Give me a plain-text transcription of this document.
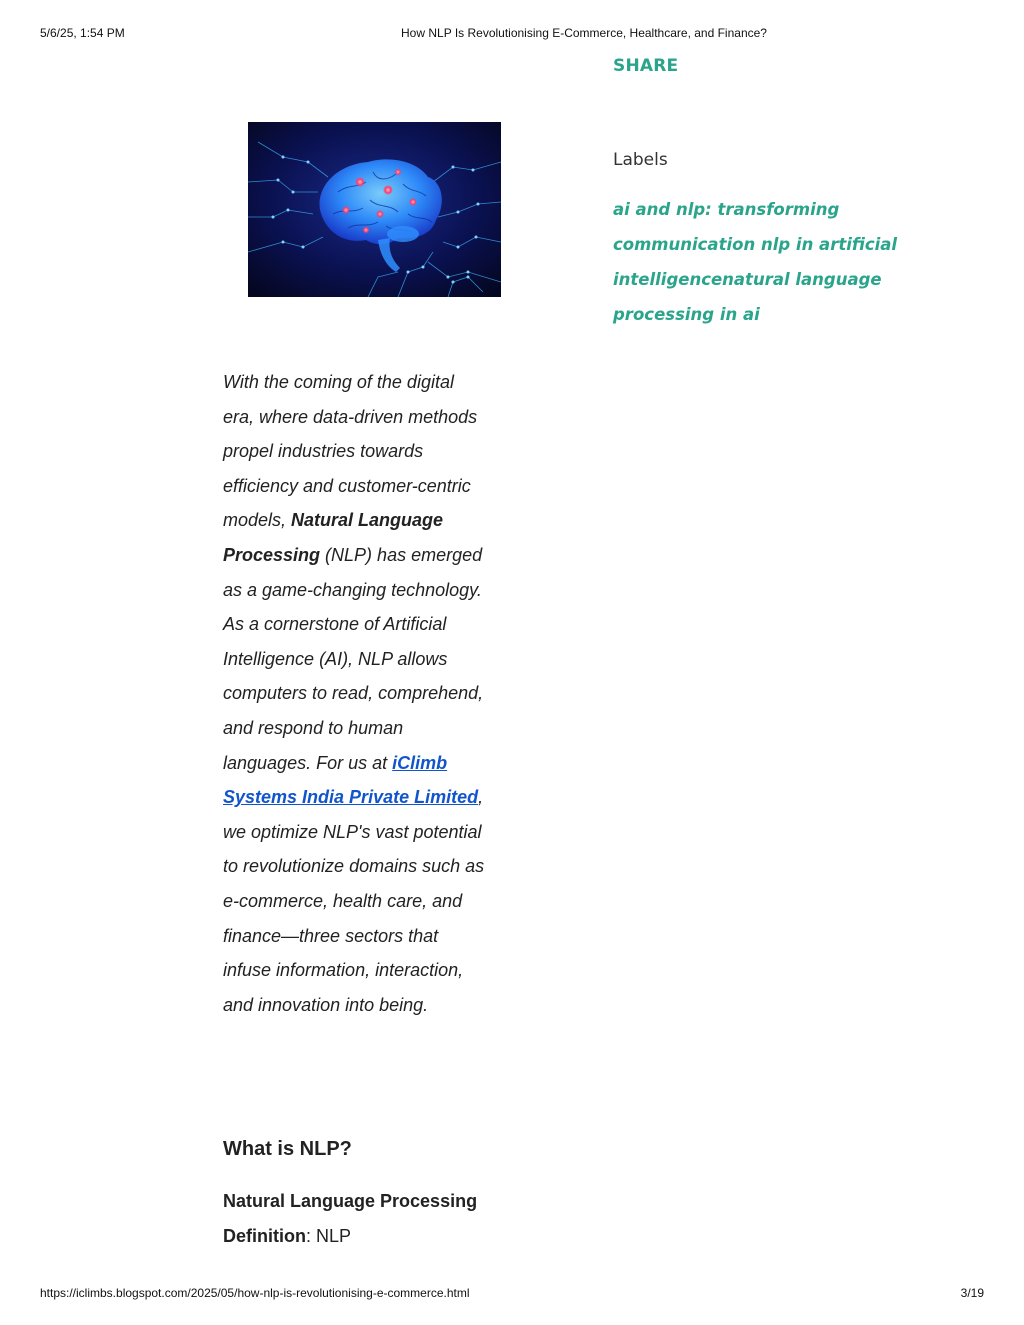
5/6/25, 1:54 PM	How NLP Is Revolutionising E-Commerce, Healthcare, and Finance?
SHARE
Labels
ai and nlp: transforming communication nlp in artificial intelligencenatural language processing in ai

With the coming of the digital era, where data-driven methods propel industries towards efficiency and customer-centric models, Natural Language Processing (NLP) has emerged as a game-changing technology. As a cornerstone of Artificial Intelligence (AI), NLP allows computers to read, comprehend, and respond to human languages. For us at iClimb Systems India Private Limited, we optimize NLP's vast potential to revolutionize domains such as e-commerce, health care, and finance—three sectors that infuse information, interaction, and innovation into being.

What is NLP?

Natural Language Processing Definition: NLP

https://iclimbs.blogspot.com/2025/05/how-nlp-is-revolutionising-e-commerce.html	3/19
